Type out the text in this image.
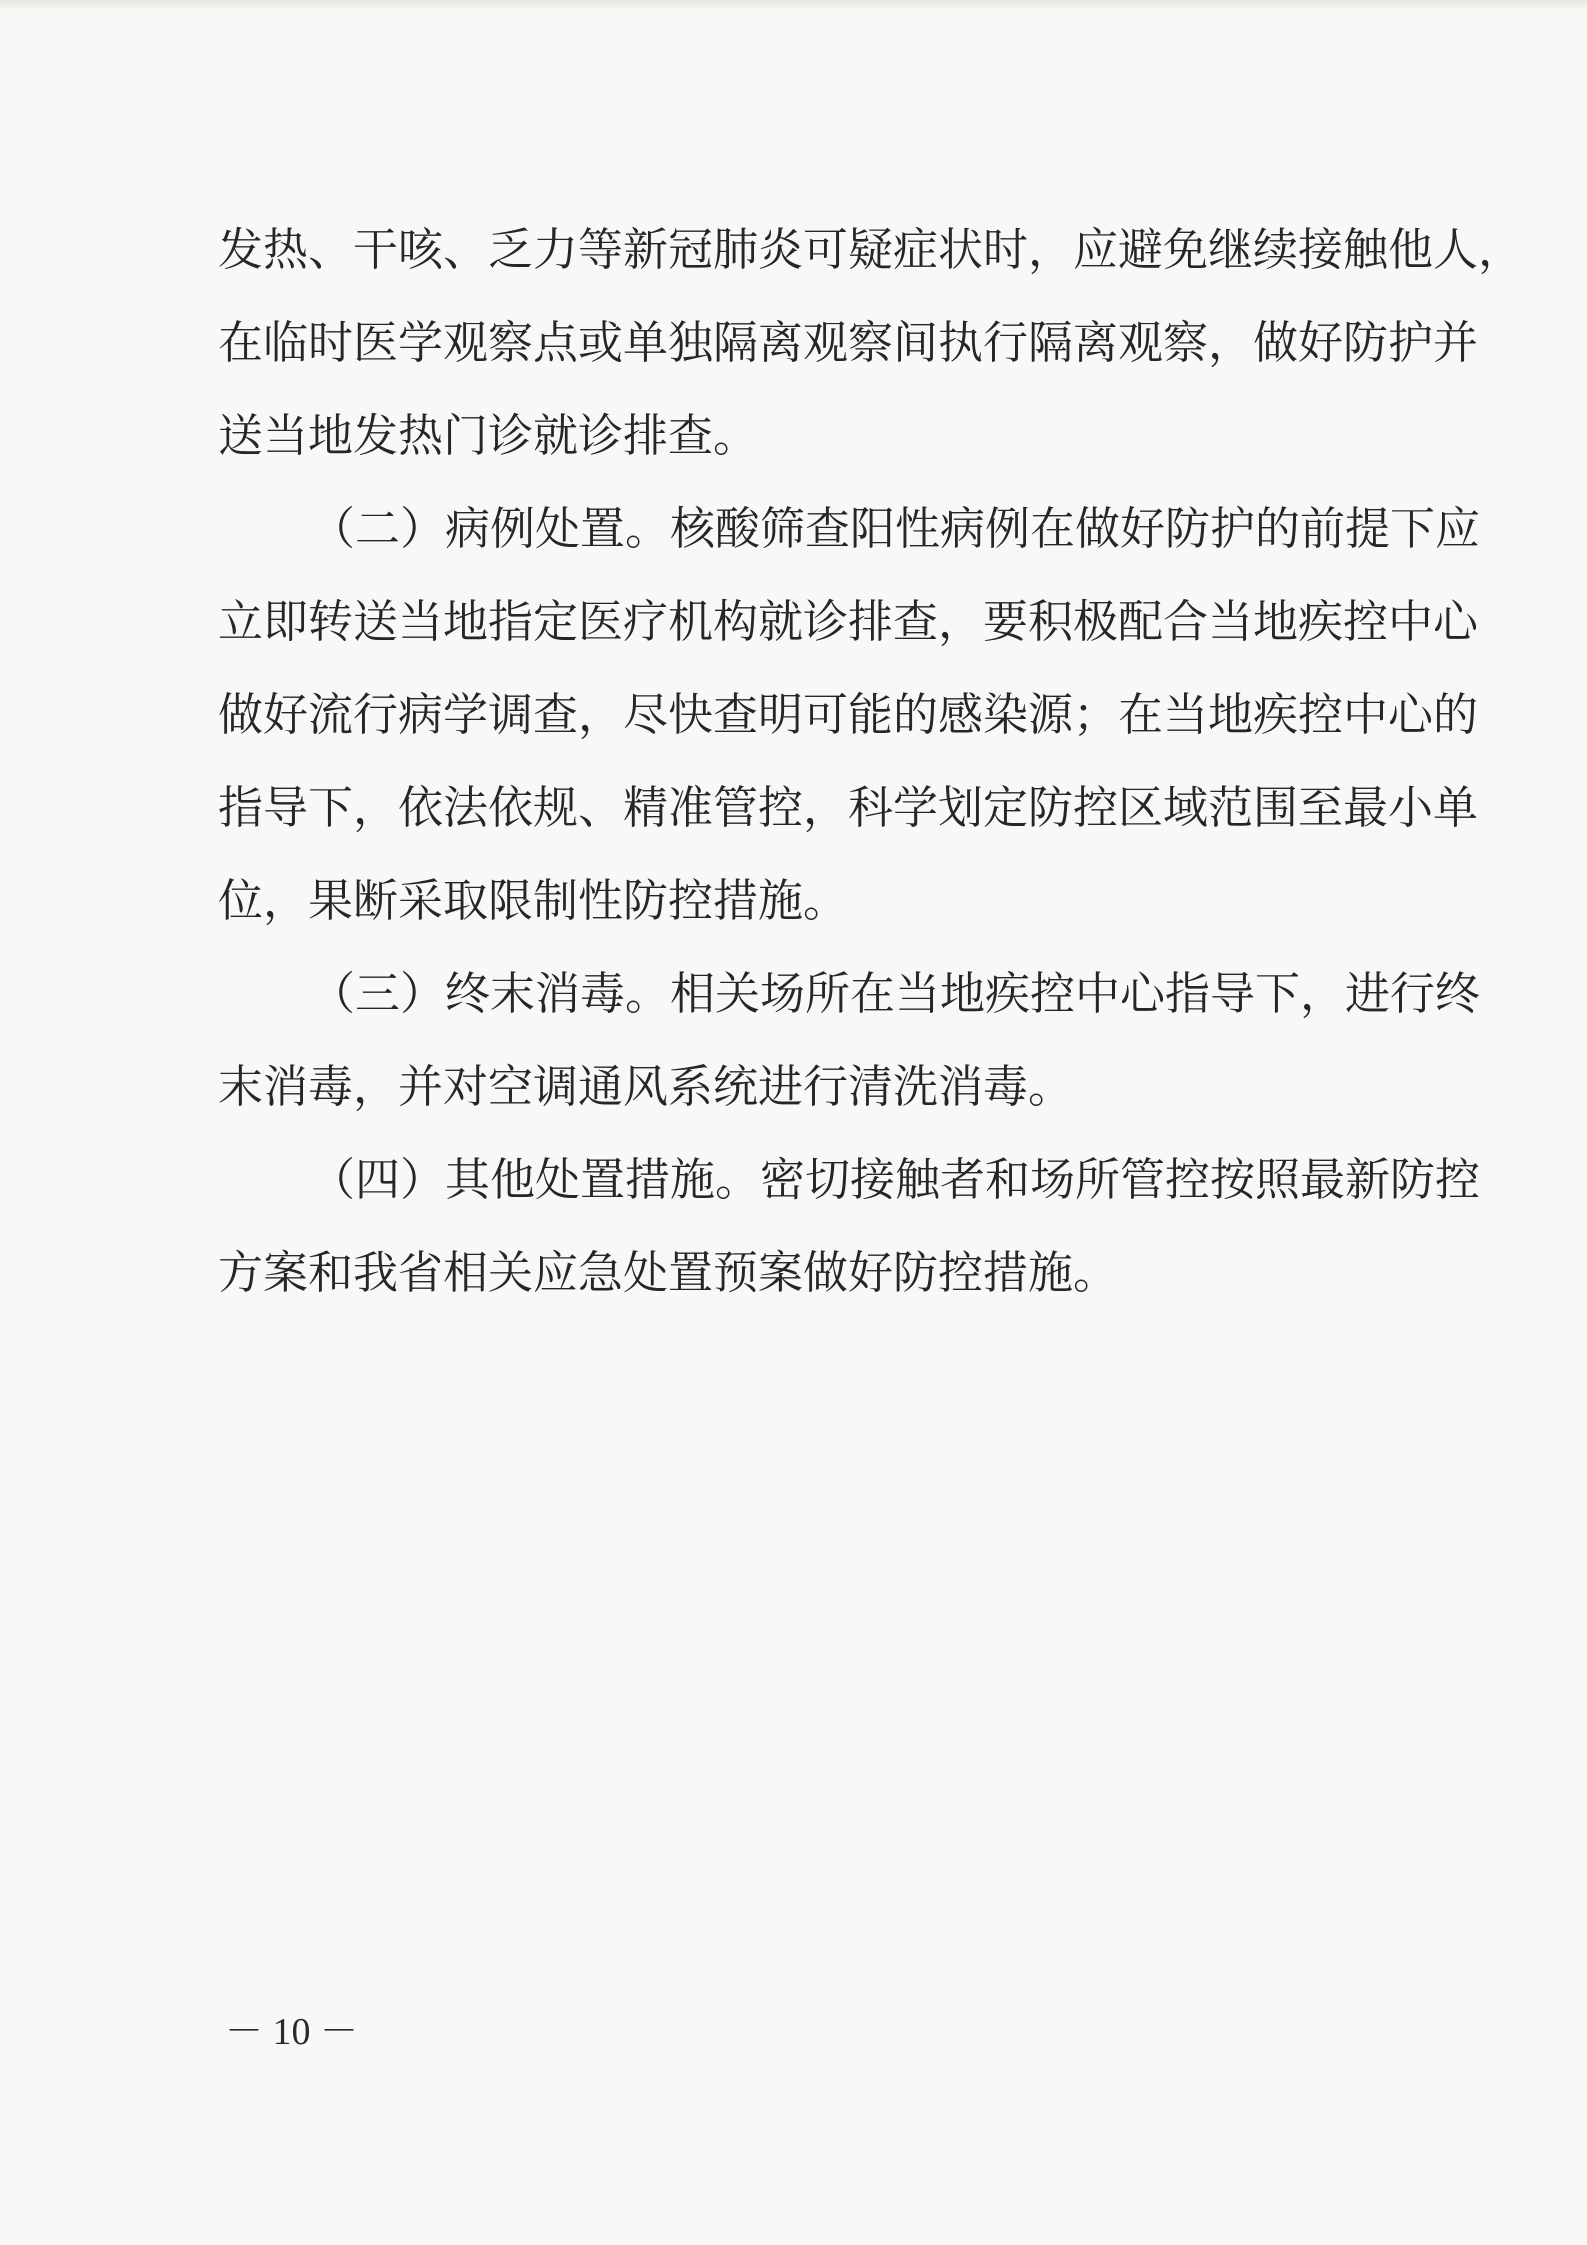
发热、干咳、乏力等新冠肺炎可疑症状时，应避免继续接触他人，
在临时医学观察点或单独隔离观察间执行隔离观察，做好防护并
送当地发热门诊就诊排查。
（二）病例处置。核酸筛查阳性病例在做好防护的前提下应
立即转送当地指定医疗机构就诊排查，要积极配合当地疾控中心
做好流行病学调查，尽快查明可能的感染源；在当地疾控中心的
指导下，依法依规、精准管控，科学划定防控区域范围至最小单
位，果断采取限制性防控措施。
（三）终末消毒。相关场所在当地疾控中心指导下，进行终
末消毒，并对空调通风系统进行清洗消毒。
（四）其他处置措施。密切接触者和场所管控按照最新防控
方案和我省相关应急处置预案做好防控措施。
－ 10 －
